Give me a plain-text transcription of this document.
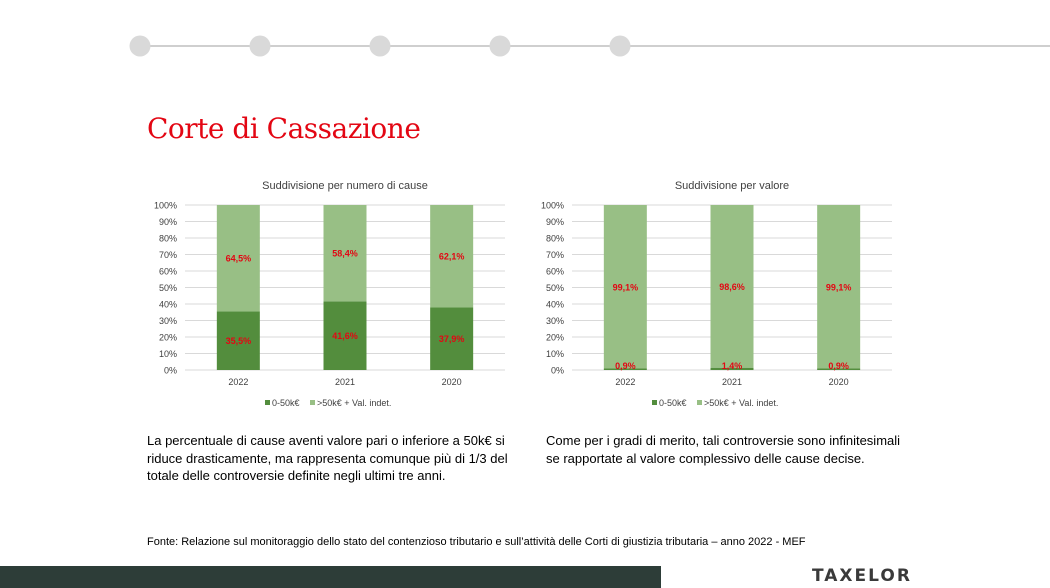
Corte di Cassazione
Suddivisione per numero di cause
0%
10%
20%
30%
40%
50%
60%
70%
80%
90%
100%
35,5%
64,5%
2022
41,6%
58,4%
2021
37,9%
62,1%
2020
0-50k€ >50k€ + Val. indet.
Suddivisione per valore
0%
10%
20%
30%
40%
50%
60%
70%
80%
90%
100%
0,9%
99,1%
2022
1,4%
98,6%
2021
0,9%
99,1%
2020
0-50k€ >50k€ + Val. indet.

La percentuale di cause aventi valore pari o inferiore a 50k€ si riduce drasticamente, ma rappresenta comunque più di 1/3 del totale delle controversie definite negli ultimi tre anni.

Come per i gradi di merito, tali controversie sono infinitesimali se rapportate al valore complessivo delle cause decise.

Fonte: Relazione sul monitoraggio dello stato del contenzioso tributario e sull’attività delle Corti di giustizia tributaria – anno 2022 - MEF

TAXELOR
